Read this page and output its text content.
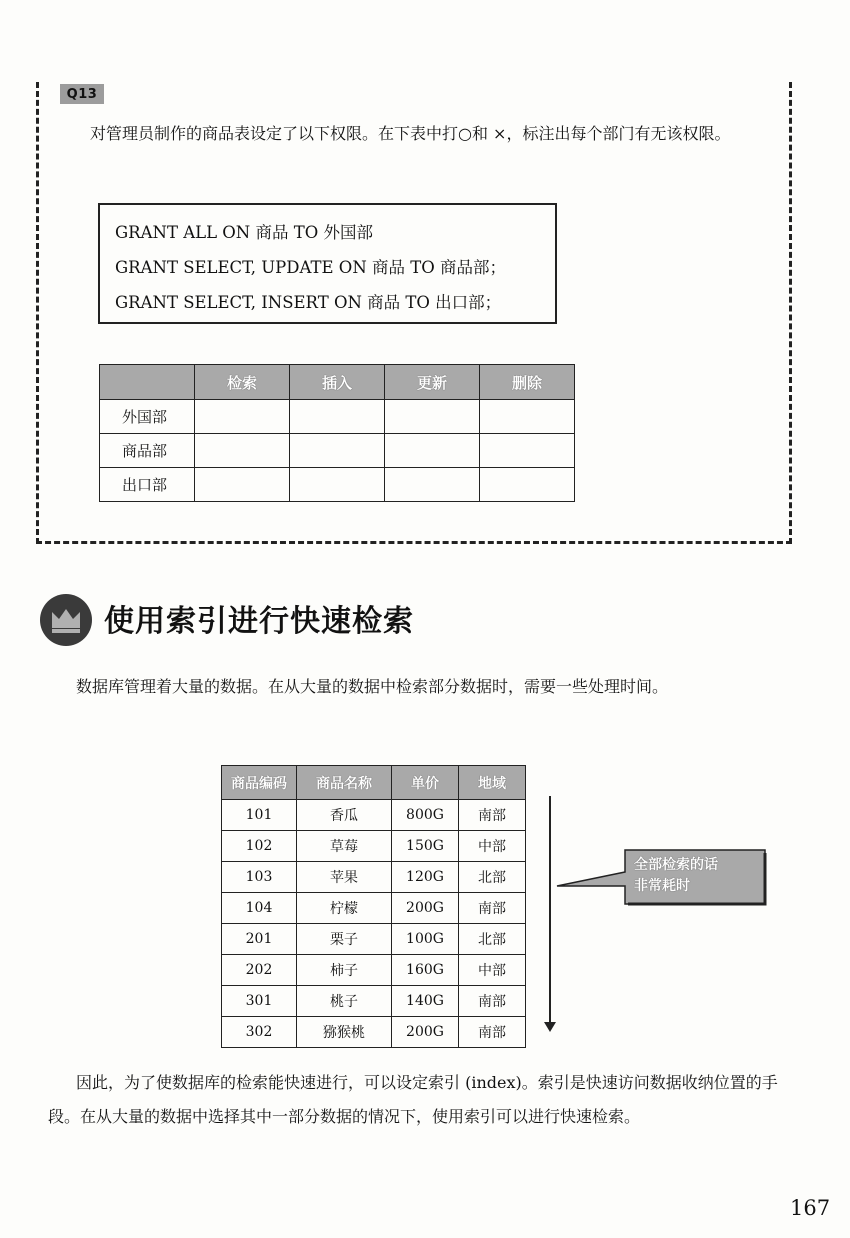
Q13
对管理员制作的商品表设定了以下权限。在下表中打○和 ×，标注出每个部门有无该权限。
GRANT ALL ON 商品 TO 外国部
GRANT SELECT, UPDATE ON 商品 TO 商品部；
GRANT SELECT, INSERT ON 商品 TO 出口部；
	检索	插入	更新	删除
外国部				
商品部				
出口部				
使用索引进行快速检索
数据库管理着大量的数据。在从大量的数据中检索部分数据时，需要一些处理时间。
商品编码	商品名称	单价	地域
101	香瓜	800G	南部
102	草莓	150G	中部
103	苹果	120G	北部
104	柠檬	200G	南部
201	栗子	100G	北部
202	柿子	160G	中部
301	桃子	140G	南部
302	猕猴桃	200G	南部
全部检索的话
非常耗时
因此，为了使数据库的检索能快速进行，可以设定索引 (index)。索引是快速访问数据收纳位置的手段。在从大量的数据中选择其中一部分数据的情况下，使用索引可以进行快速检索。
167
